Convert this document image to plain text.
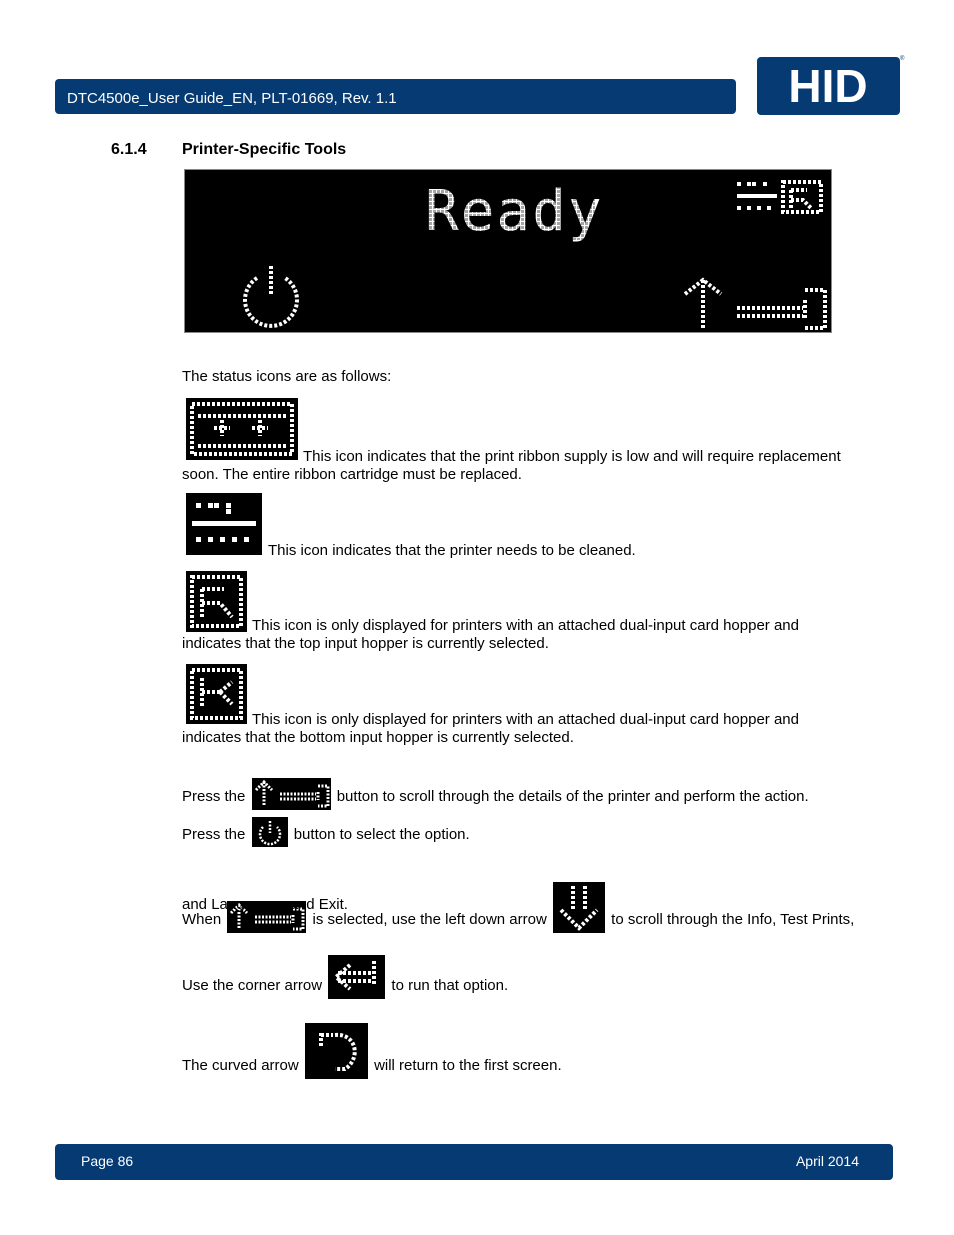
DTC4500e_User Guide_EN, PLT-01669, Rev. 1.1	HID
®
6.1.4 Printer-Specific Tools
Ready
The status icons are as follows:
This icon indicates that the print ribbon supply is low and will require replacement
soon. The entire ribbon cartridge must be replaced.
This icon indicates that the printer needs to be cleaned.
This icon is only displayed for printers with an attached dual-input card hopper and
indicates that the top input hopper is currently selected.
This icon is only displayed for printers with an attached dual-input card hopper and
indicates that the bottom input hopper is currently selected.
Press the	button to scroll through the details of the printer and perform the action.
Press the	button to select the option.
When	is selected, use the left down arrow	to scroll through the Info, Test Prints,
and Languages and Exit.
Use the corner arrow	to run that option.
The curved arrow	will return to the first screen.
Page 86	April 2014
